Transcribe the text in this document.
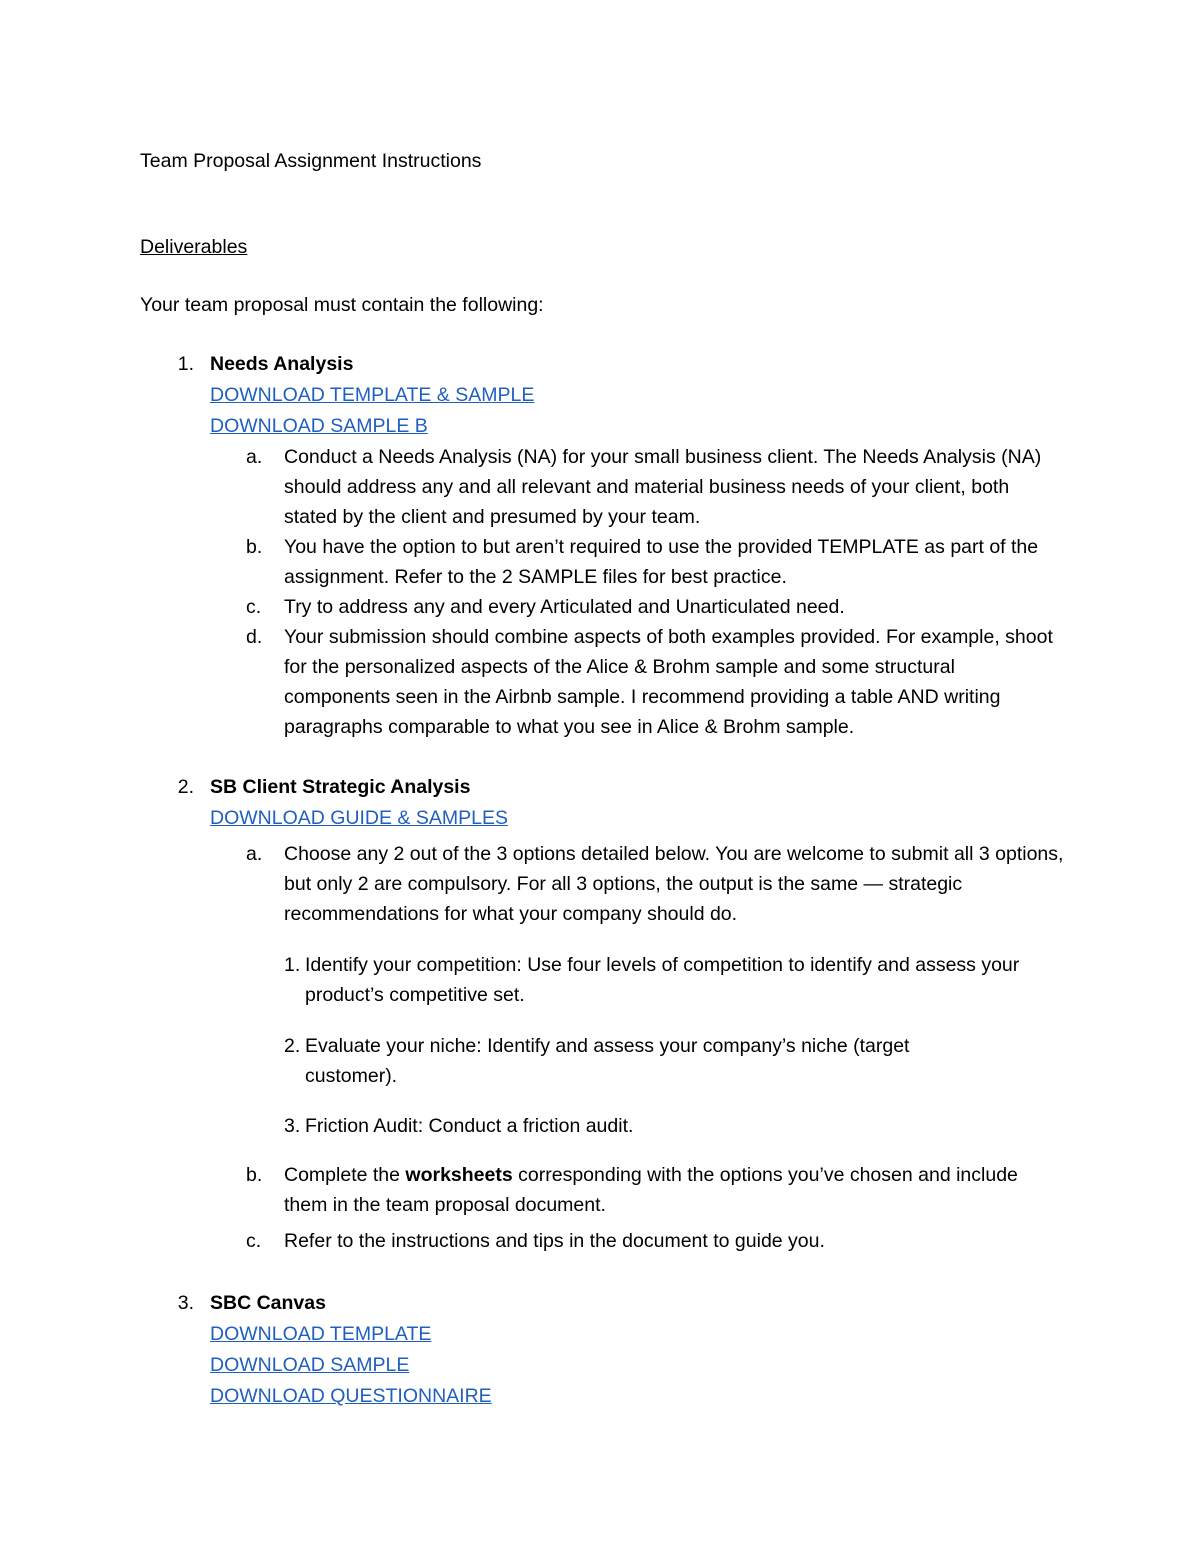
Team Proposal Assignment Instructions
Deliverables
Your team proposal must contain the following:
1. Needs Analysis
DOWNLOAD TEMPLATE & SAMPLE
DOWNLOAD SAMPLE B
a. Conduct a Needs Analysis (NA) for your small business client. The Needs Analysis (NA) should address any and all relevant and material business needs of your client, both stated by the client and presumed by your team.
b. You have the option to but aren’t required to use the provided TEMPLATE as part of the assignment. Refer to the 2 SAMPLE files for best practice.
c.	Try to address any and every Articulated and Unarticulated need.
d. Your submission should combine aspects of both examples provided. For example, shoot for the personalized aspects of the Alice & Brohm sample and some structural components seen in the Airbnb sample. I recommend providing a table AND writing paragraphs comparable to what you see in Alice & Brohm sample.
2. SB Client Strategic Analysis
DOWNLOAD GUIDE & SAMPLES
a. Choose any 2 out of the 3 options detailed below. You are welcome to submit all 3 options, but only 2 are compulsory. For all 3 options, the output is the same — strategic recommendations for what your company should do.
1. Identify your competition: Use four levels of competition to identify and assess your product’s competitive set.
2. Evaluate your niche: Identify and assess your company’s niche (target customer).
3. Friction Audit: Conduct a friction audit.
b. Complete the worksheets corresponding with the options you’ve chosen and include them in the team proposal document.
c.	Refer to the instructions and tips in the document to guide you.
3. SBC Canvas
DOWNLOAD TEMPLATE
DOWNLOAD SAMPLE
DOWNLOAD QUESTIONNAIRE
